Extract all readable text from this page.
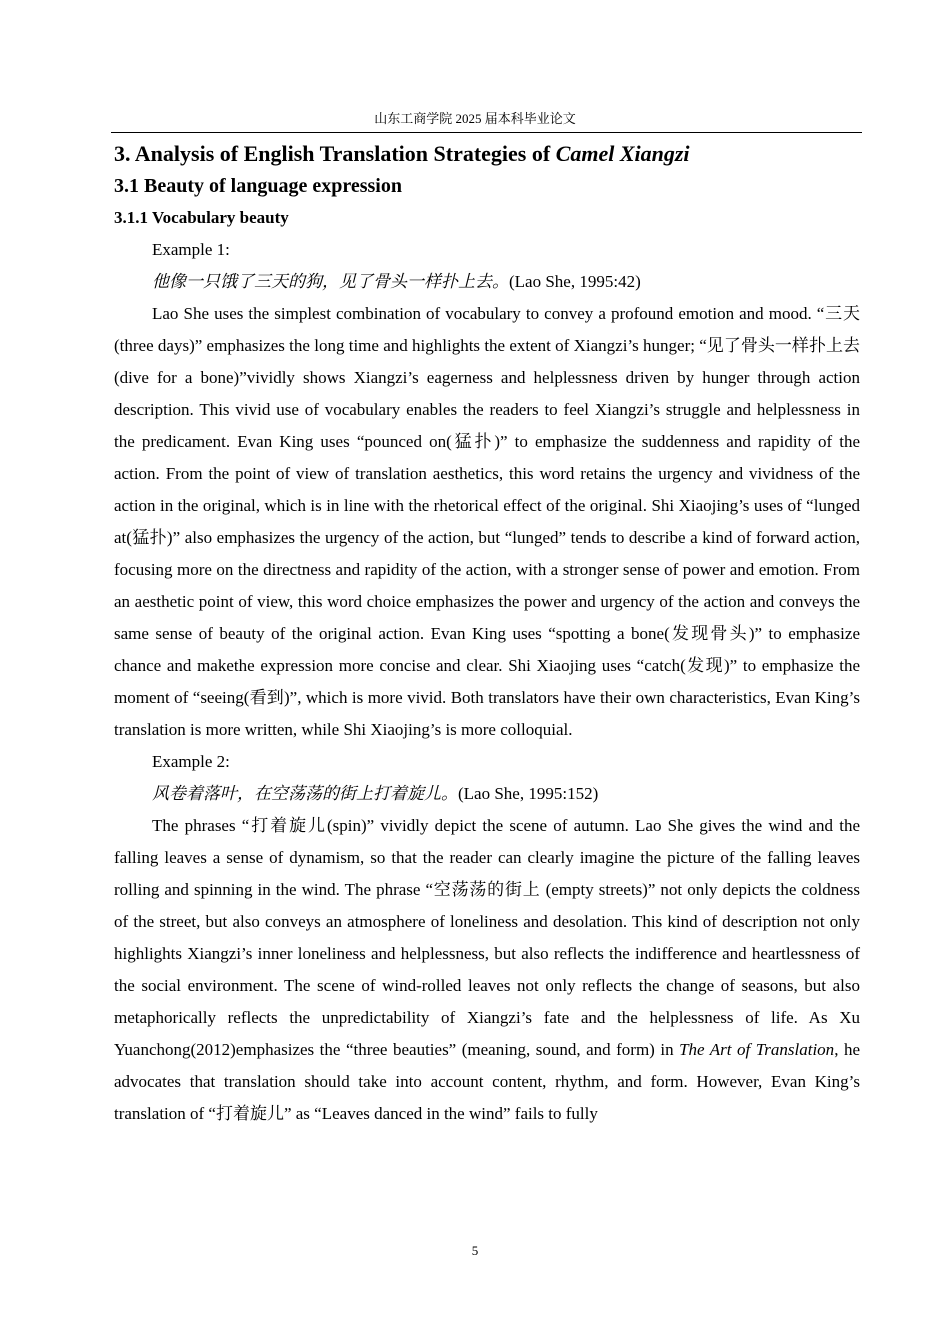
山东工商学院 2025 届本科毕业论文
3. Analysis of English Translation Strategies of Camel Xiangzi
3.1 Beauty of language expression
3.1.1 Vocabulary beauty

Example 1:

他像一只饿了三天的狗，见了骨头一样扑上去。(Lao She, 1995:42)

Lao She uses the simplest combination of vocabulary to convey a profound emotion and mood. “三天(three days)” emphasizes the long time and highlights the extent of Xiangzi’s hunger; “见了骨头一样扑上去(dive for a bone)”vividly shows Xiangzi’s eagerness and helplessness driven by hunger through action description. This vivid use of vocabulary enables the readers to feel Xiangzi’s struggle and helplessness in the predicament. Evan King uses “pounced on(猛扑)” to emphasize the suddenness and rapidity of the action. From the point of view of translation aesthetics, this word retains the urgency and vividness of the action in the original, which is in line with the rhetorical effect of the original. Shi Xiaojing’s uses of “lunged at(猛扑)” also emphasizes the urgency of the action, but “lunged” tends to describe a kind of forward action, focusing more on the directness and rapidity of the action, with a stronger sense of power and emotion. From an aesthetic point of view, this word choice emphasizes the power and urgency of the action and conveys the same sense of beauty of the original action. Evan King uses “spotting a bone(发现骨头)” to emphasize chance and makethe expression more concise and clear. Shi Xiaojing uses “catch(发现)” to emphasize the moment of “seeing(看到)”, which is more vivid. Both translators have their own characteristics, Evan King’s translation is more written, while Shi Xiaojing’s is more colloquial.

Example 2:

风卷着落叶，在空荡荡的街上打着旋儿。(Lao She, 1995:152)

The phrases “打着旋儿(spin)” vividly depict the scene of autumn. Lao She gives the wind and the falling leaves a sense of dynamism, so that the reader can clearly imagine the picture of the falling leaves rolling and spinning in the wind. The phrase “空荡荡的街上 (empty streets)” not only depicts the coldness of the street, but also conveys an atmosphere of loneliness and desolation. This kind of description not only highlights Xiangzi’s inner loneliness and helplessness, but also reflects the indifference and heartlessness of the social environment. The scene of wind-rolled leaves not only reflects the change of seasons, but also metaphorically reflects the unpredictability of Xiangzi’s fate and the helplessness of life. As Xu Yuanchong(2012)emphasizes the “three beauties” (meaning, sound, and form) in The Art of Translation, he advocates that translation should take into account content, rhythm, and form. However, Evan King’s translation of “打着旋儿” as “Leaves danced in the wind” fails to fully

5
